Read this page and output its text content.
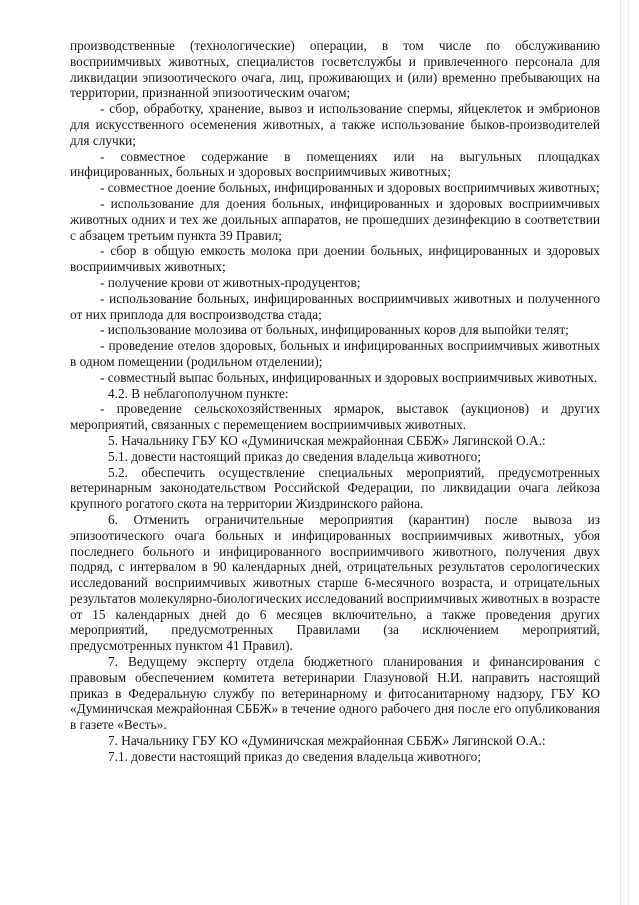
производственные (технологические) операции, в том числе по обслуживанию восприимчивых животных, специалистов госветслужбы и привлеченного персонала для ликвидации эпизоотического очага, лиц, проживающих и (или) временно пребывающих на территории, признанной эпизоотическим очагом;

- сбор, обработку, хранение, вывоз и использование спермы, яйцеклеток и эмбрионов для искусственного осеменения животных, а также использование быков-производителей для случки;

- совместное содержание в помещениях или на выгульных площадках инфицированных, больных и здоровых восприимчивых животных;

- совместное доение больных, инфицированных и здоровых восприимчивых животных;

- использование для доения больных, инфицированных и здоровых восприимчивых животных одних и тех же доильных аппаратов, не прошедших дезинфекцию в соответствии с абзацем третьим пункта 39 Правил;

- сбор в общую емкость молока при доении больных, инфицированных и здоровых восприимчивых животных;

- получение крови от животных-продуцентов;

- использование больных, инфицированных восприимчивых животных и полученного от них приплода для воспроизводства стада;

- использование молозива от больных, инфицированных коров для выпойки телят;

- проведение отелов здоровых, больных и инфицированных восприимчивых животных в одном помещении (родильном отделении);

- совместный выпас больных, инфицированных и здоровых восприимчивых животных.

4.2. В неблагополучном пункте:

- проведение сельскохозяйственных ярмарок, выставок (аукционов) и других мероприятий, связанных с перемещением восприимчивых животных.

5. Начальнику ГБУ КО «Думиничская межрайонная СББЖ» Лягинской О.А.:

5.1. довести настоящий приказ до сведения владельца животного;

5.2. обеспечить осуществление специальных мероприятий, предусмотренных ветеринарным законодательством Российской Федерации, по ликвидации очага лейкоза крупного рогатого скота на территории Жиздринского района.

6. Отменить ограничительные мероприятия (карантин) после вывоза из эпизоотического очага больных и инфицированных восприимчивых животных, убоя последнего больного и инфицированного восприимчивого животного, получения двух подряд, с интервалом в 90 календарных дней, отрицательных результатов серологических исследований восприимчивых животных старше 6-месячного возраста, и отрицательных результатов молекулярно-биологических исследований восприимчивых животных в возрасте от 15 календарных дней до 6 месяцев включительно, а также проведения других мероприятий, предусмотренных Правилами (за исключением мероприятий, предусмотренных пунктом 41 Правил).

7. Ведущему эксперту отдела бюджетного планирования и финансирования с правовым обеспечением комитета ветеринарии Глазуновой Н.И. направить настоящий приказ в Федеральную службу по ветеринарному и фитосанитарному надзору, ГБУ КО «Думиничская межрайонная СББЖ» в течение одного рабочего дня после его опубликования в газете «Весть».

7. Начальнику ГБУ КО «Думиничская межрайонная СББЖ» Лягинской О.А.:

7.1. довести настоящий приказ до сведения владельца животного;
